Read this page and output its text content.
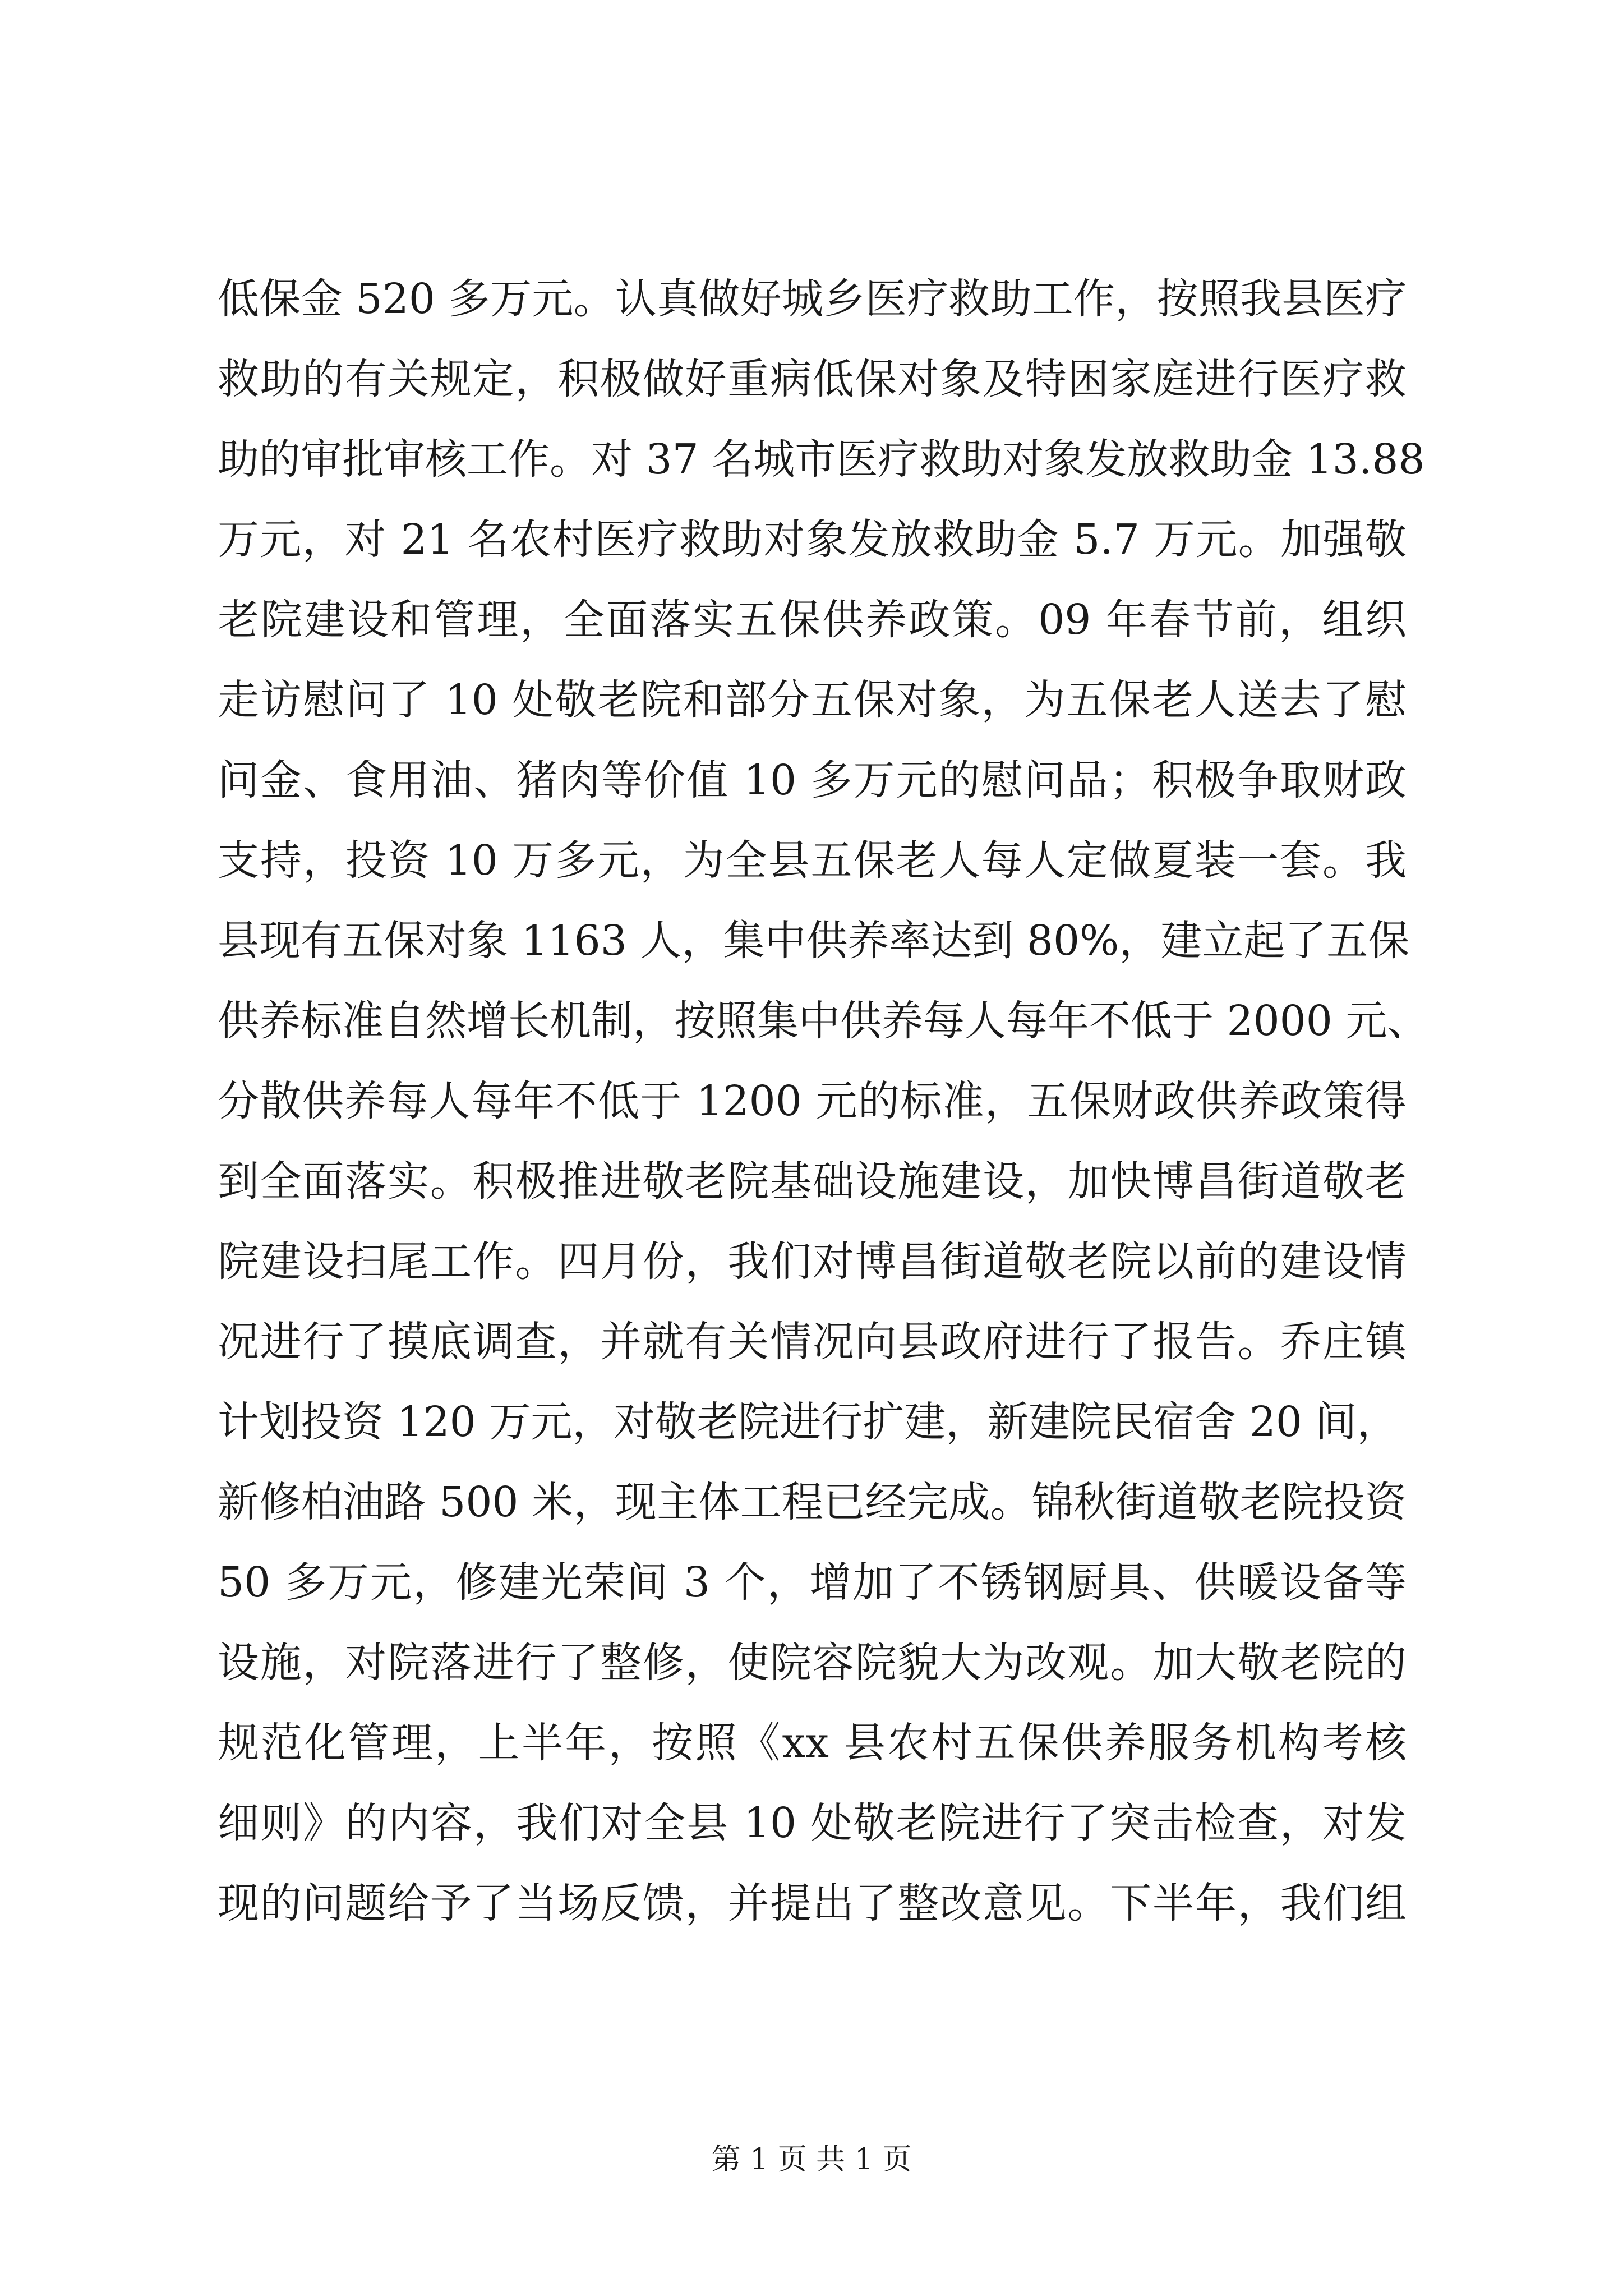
低保金 520 多万元。认真做好城乡医疗救助工作，按照我县医疗
救助的有关规定，积极做好重病低保对象及特困家庭进行医疗救
助的审批审核工作。对 37 名城市医疗救助对象发放救助金 13.88
万元，对 21 名农村医疗救助对象发放救助金 5.7 万元。加强敬
老院建设和管理，全面落实五保供养政策。09 年春节前，组织
走访慰问了 10 处敬老院和部分五保对象，为五保老人送去了慰
问金、食用油、猪肉等价值 10 多万元的慰问品；积极争取财政
支持，投资 10 万多元，为全县五保老人每人定做夏装一套。我
县现有五保对象 1163 人，集中供养率达到 80%，建立起了五保
供养标准自然增长机制，按照集中供养每人每年不低于 2000 元、
分散供养每人每年不低于 1200 元的标准，五保财政供养政策得
到全面落实。积极推进敬老院基础设施建设，加快博昌街道敬老
院建设扫尾工作。四月份，我们对博昌街道敬老院以前的建设情
况进行了摸底调查，并就有关情况向县政府进行了报告。乔庄镇
计划投资 120 万元，对敬老院进行扩建，新建院民宿舍 20 间，
新修柏油路 500 米，现主体工程已经完成。锦秋街道敬老院投资
50 多万元，修建光荣间 3 个，增加了不锈钢厨具、供暖设备等
设施，对院落进行了整修，使院容院貌大为改观。加大敬老院的
规范化管理，上半年，按照《xx 县农村五保供养服务机构考核
细则》的内容，我们对全县 10 处敬老院进行了突击检查，对发
现的问题给予了当场反馈，并提出了整改意见。下半年，我们组
第 1 页 共 1 页
